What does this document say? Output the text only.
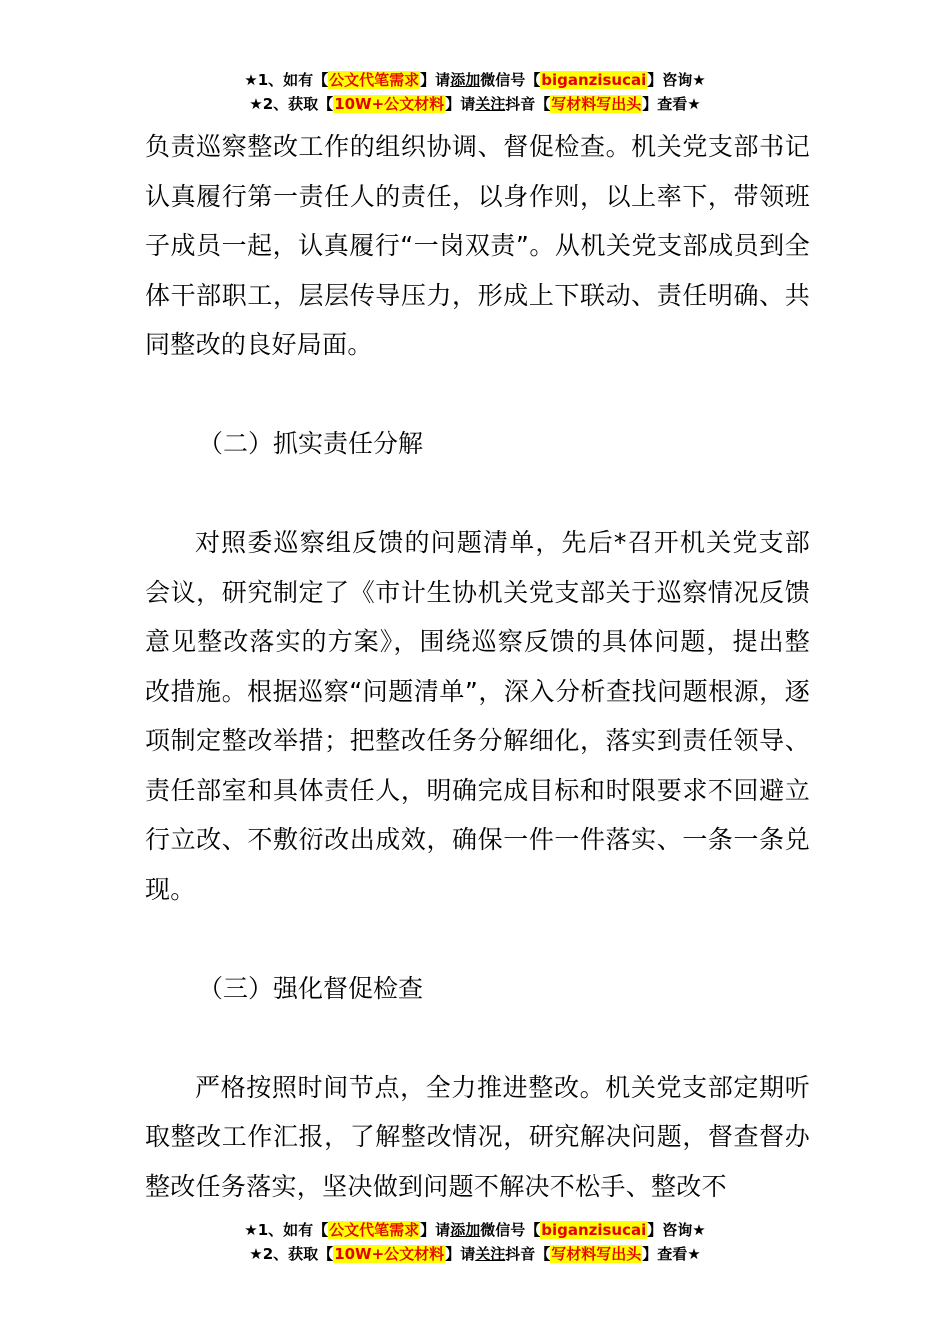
★1、如有【公文代笔需求】请添加微信号【biganzisucai】咨询★
★2、获取【10W+公文材料】请关注抖音【写材料写出头】查看★

负责巡察整改工作的组织协调、督促检查。机关党支部书记认真履行第一责任人的责任，以身作则，以上率下，带领班子成员一起，认真履行“一岗双责”。从机关党支部成员到全体干部职工，层层传导压力，形成上下联动、责任明确、共同整改的良好局面。

（二）抓实责任分解

对照委巡察组反馈的问题清单，先后*召开机关党支部会议，研究制定了《市计生协机关党支部关于巡察情况反馈意见整改落实的方案》，围绕巡察反馈的具体问题，提出整改措施。根据巡察“问题清单”，深入分析查找问题根源，逐项制定整改举措；把整改任务分解细化，落实到责任领导、责任部室和具体责任人，明确完成目标和时限要求不回避立行立改、不敷衍改出成效，确保一件一件落实、一条一条兑现。

（三）强化督促检查

严格按照时间节点，全力推进整改。机关党支部定期听取整改工作汇报，了解整改情况，研究解决问题，督查督办整改任务落实，坚决做到问题不解决不松手、整改不

★1、如有【公文代笔需求】请添加微信号【biganzisucai】咨询★
★2、获取【10W+公文材料】请关注抖音【写材料写出头】查看★
